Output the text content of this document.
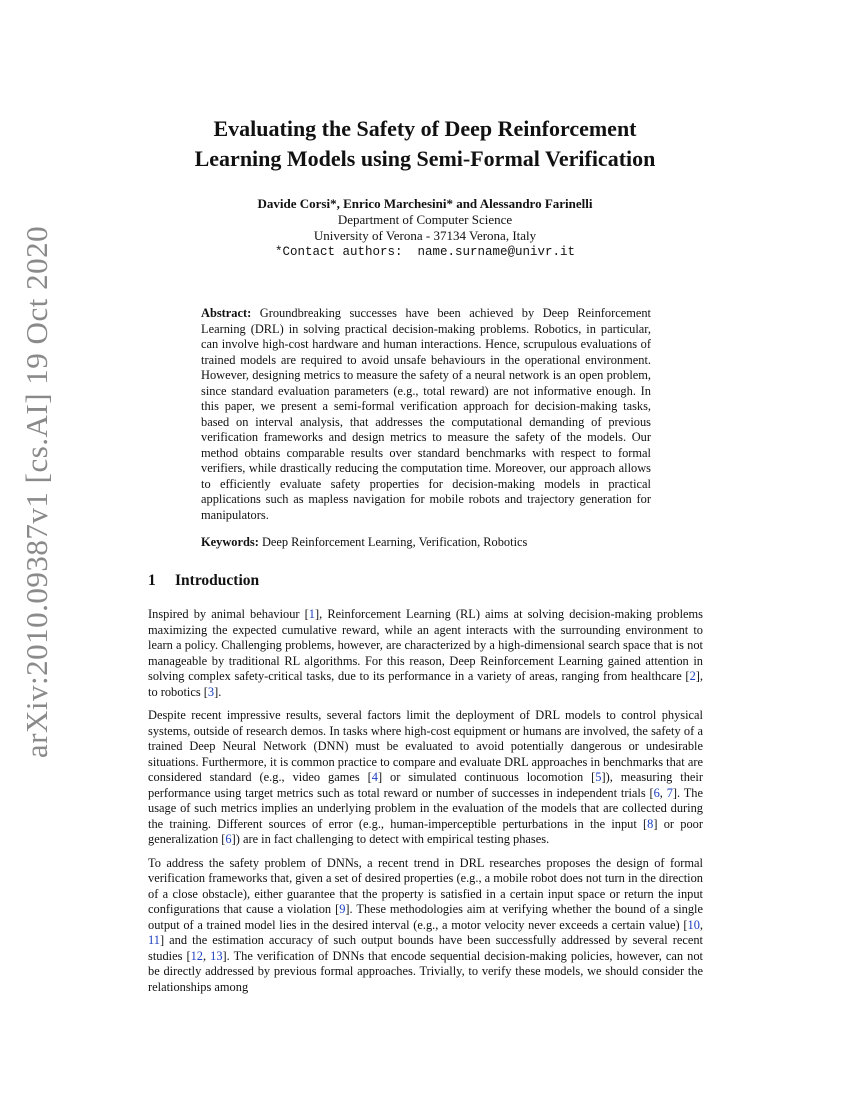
arXiv:2010.09387v1 [cs.AI] 19 Oct 2020
Evaluating the Safety of Deep Reinforcement
Learning Models using Semi-Formal Verification
Davide Corsi*, Enrico Marchesini* and Alessandro Farinelli
Department of Computer Science
University of Verona - 37134 Verona, Italy
*Contact authors:  name.surname@univr.it
Abstract: Groundbreaking successes have been achieved by Deep Reinforcement Learning (DRL) in solving practical decision-making problems. Robotics, in particular, can involve high-cost hardware and human interactions. Hence, scrupulous evaluations of trained models are required to avoid unsafe behaviours in the operational environment. However, designing metrics to measure the safety of a neural network is an open problem, since standard evaluation parameters (e.g., total reward) are not informative enough. In this paper, we present a semi-formal verification approach for decision-making tasks, based on interval analysis, that addresses the computational demanding of previous verification frameworks and design metrics to measure the safety of the models. Our method obtains comparable results over standard benchmarks with respect to formal verifiers, while drastically reducing the computation time. Moreover, our approach allows to efficiently evaluate safety properties for decision-making models in practical applications such as mapless navigation for mobile robots and trajectory generation for manipulators.
Keywords: Deep Reinforcement Learning, Verification, Robotics
1 Introduction

Inspired by animal behaviour [1], Reinforcement Learning (RL) aims at solving decision-making problems maximizing the expected cumulative reward, while an agent interacts with the surrounding environment to learn a policy. Challenging problems, however, are characterized by a high-dimensional search space that is not manageable by traditional RL algorithms. For this reason, Deep Reinforcement Learning gained attention in solving complex safety-critical tasks, due to its performance in a variety of areas, ranging from healthcare [2], to robotics [3].

Despite recent impressive results, several factors limit the deployment of DRL models to control physical systems, outside of research demos. In tasks where high-cost equipment or humans are involved, the safety of a trained Deep Neural Network (DNN) must be evaluated to avoid potentially dangerous or undesirable situations. Furthermore, it is common practice to compare and evaluate DRL approaches in benchmarks that are considered standard (e.g., video games [4] or simulated continuous locomotion [5]), measuring their performance using target metrics such as total reward or number of successes in independent trials [6, 7]. The usage of such metrics implies an underlying problem in the evaluation of the models that are collected during the training. Different sources of error (e.g., human-imperceptible perturbations in the input [8] or poor generalization [6]) are in fact challenging to detect with empirical testing phases.

To address the safety problem of DNNs, a recent trend in DRL researches proposes the design of formal verification frameworks that, given a set of desired properties (e.g., a mobile robot does not turn in the direction of a close obstacle), either guarantee that the property is satisfied in a certain input space or return the input configurations that cause a violation [9]. These methodologies aim at verifying whether the bound of a single output of a trained model lies in the desired interval (e.g., a motor velocity never exceeds a certain value) [10, 11] and the estimation accuracy of such output bounds have been successfully addressed by several recent studies [12, 13]. The verification of DNNs that encode sequential decision-making policies, however, can not be directly addressed by previous formal approaches. Trivially, to verify these models, we should consider the relationships among
